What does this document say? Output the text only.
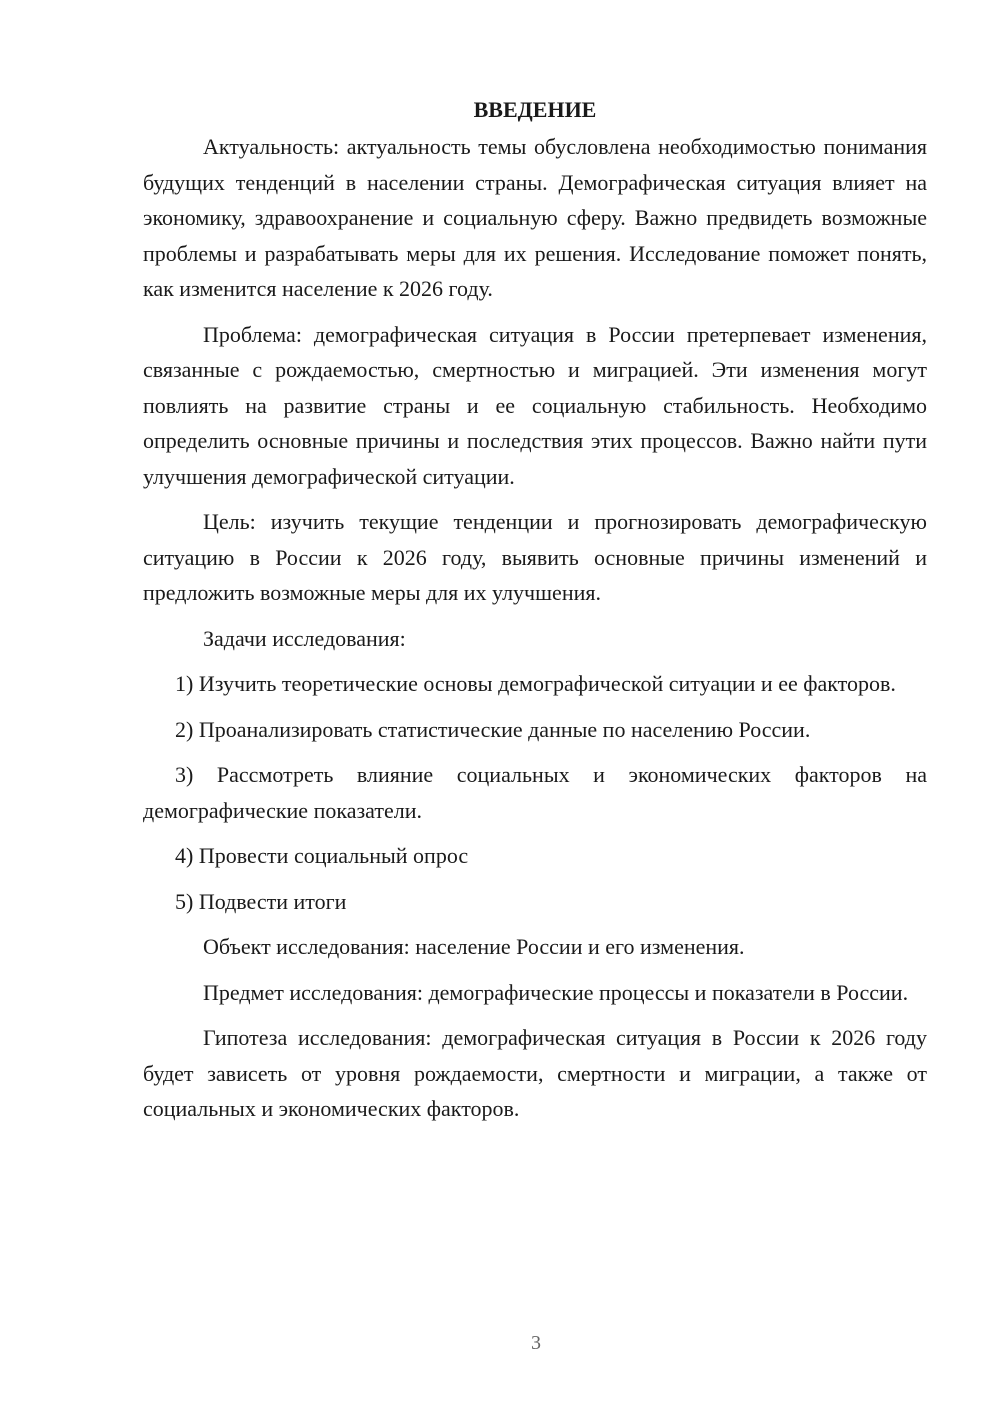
ВВЕДЕНИЕ

Актуальность: актуальность темы обусловлена необходимостью понимания будущих тенденций в населении страны. Демографическая ситуация влияет на экономику, здравоохранение и социальную сферу. Важно предвидеть возможные проблемы и разрабатывать меры для их решения. Исследование поможет понять, как изменится население к 2026 году.

Проблема: демографическая ситуация в России претерпевает изменения, связанные с рождаемостью, смертностью и миграцией. Эти изменения могут повлиять на развитие страны и ее социальную стабильность. Необходимо определить основные причины и последствия этих процессов. Важно найти пути улучшения демографической ситуации.

Цель: изучить текущие тенденции и прогнозировать демографическую ситуацию в России к 2026 году, выявить основные причины изменений и предложить возможные меры для их улучшения.

Задачи исследования:

1) Изучить теоретические основы демографической ситуации и ее факторов.

2) Проанализировать статистические данные по населению России.

3) Рассмотреть влияние социальных и экономических факторов на демографические показатели.

4) Провести социальный опрос

5) Подвести итоги

Объект исследования: население России и его изменения.

Предмет исследования: демографические процессы и показатели в России.

Гипотеза исследования: демографическая ситуация в России к 2026 году будет зависеть от уровня рождаемости, смертности и миграции, а также от социальных и экономических факторов.

3
